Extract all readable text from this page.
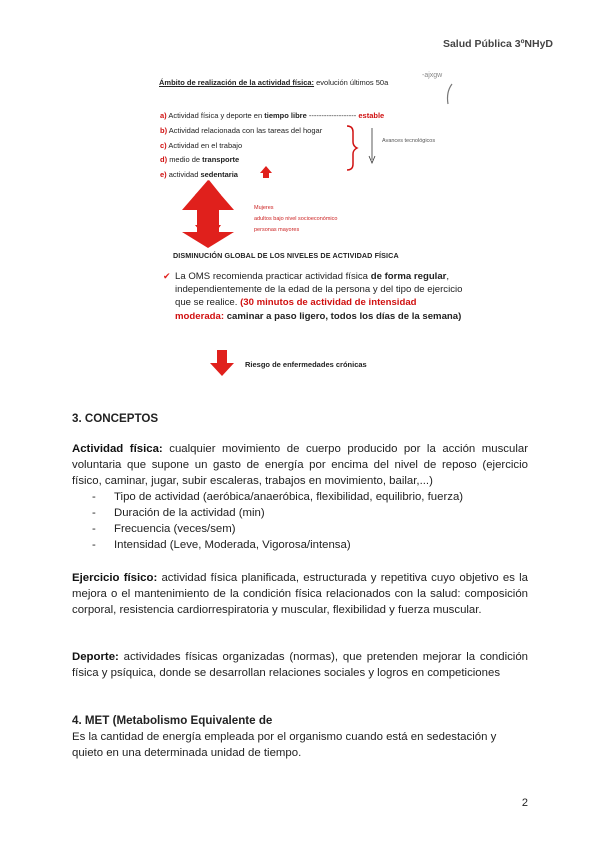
Salud Pública 3ºNHyD
Ámbito de realización de la actividad física: evolución últimos 50a
-ajxgw
a) Actividad física y deporte en tiempo libre ------------------- estable
b) Actividad relacionada con las tareas del hogar
c) Actividad en el trabajo
d) medio de transporte
e) actividad sedentaria
Avances tecnológicos
Mujeres
adultos bajo nivel socioeconómico
personas mayores
DISMINUCIÓN GLOBAL DE LOS NIVELES DE ACTIVIDAD FÍSICA
✔ La OMS recomienda practicar actividad física de forma regular, independientemente de la edad de la persona y del tipo de ejercicio que se realice. (30 minutos de actividad de intensidad moderada: caminar a paso ligero, todos los días de la semana)
Riesgo de enfermedades crónicas
3. CONCEPTOS
Actividad física: cualquier movimiento de cuerpo producido por la acción muscular voluntaria que supone un gasto de energía por encima del nivel de reposo (ejercicio físico, caminar, jugar, subir escaleras, trabajos en movimiento, bailar,...)
- Tipo de actividad (aeróbica/anaeróbica, flexibilidad, equilibrio, fuerza)
- Duración de la actividad (min)
- Frecuencia (veces/sem)
- Intensidad (Leve, Moderada, Vigorosa/intensa)
Ejercicio físico: actividad física planificada, estructurada y repetitiva cuyo objetivo es la mejora o el mantenimiento de la condición física relacionados con la salud: composición corporal, resistencia cardiorrespiratoria y muscular, flexibilidad y fuerza muscular.
Deporte: actividades físicas organizadas (normas), que pretenden mejorar la condición física y psíquica, donde se desarrollan relaciones sociales y logros en competiciones
4. MET (Metabolismo Equivalente de
Es la cantidad de energía empleada por el organismo cuando está en sedestación y quieto en una determinada unidad de tiempo.
2
